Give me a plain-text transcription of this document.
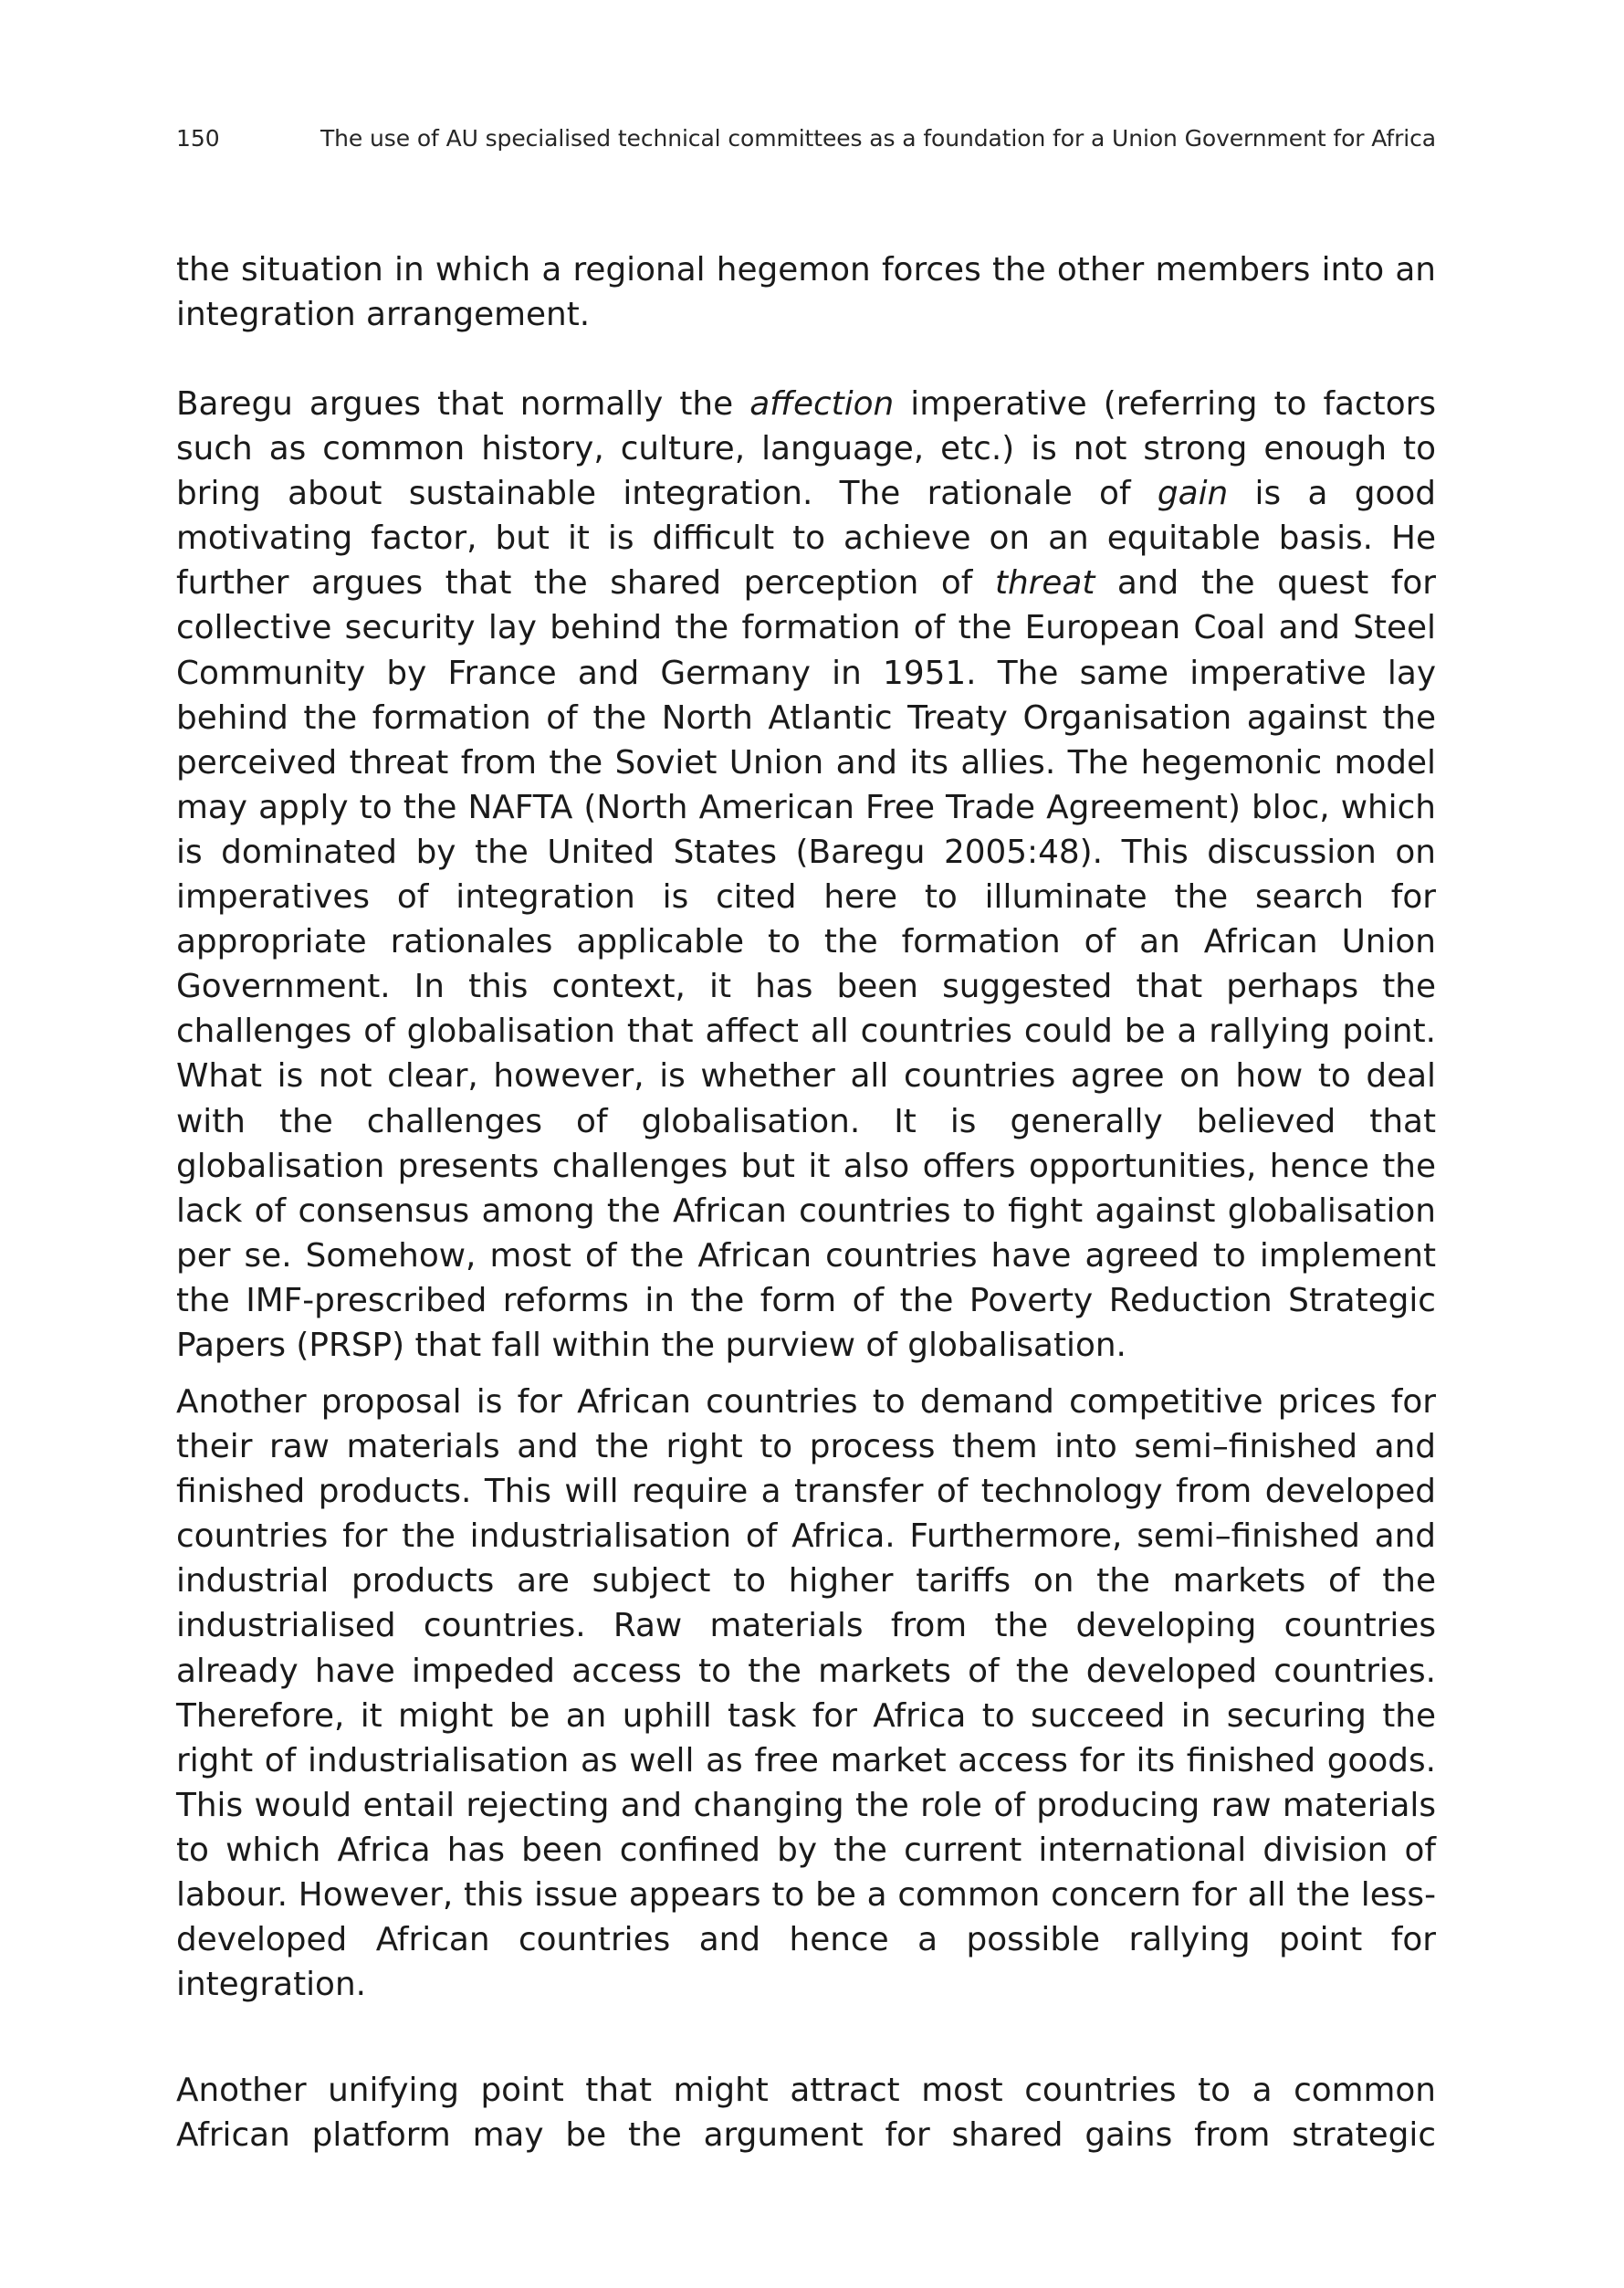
150	The use of AU specialised technical committees as a foundation for a Union Government for Africa

the situation in which a regional hegemon forces the other members into an integration arrangement.

Baregu argues that normally the affection imperative (referring to factors such as common history, culture, language, etc.) is not strong enough to bring about sustainable integration. The rationale of gain is a good motivating factor, but it is difficult to achieve on an equitable basis. He further argues that the shared perception of threat and the quest for collective security lay behind the formation of the European Coal and Steel Community by France and Germany in 1951. The same imperative lay behind the formation of the North Atlantic Treaty Organisation against the perceived threat from the Soviet Union and its allies. The hegemonic model may apply to the NAFTA (North American Free Trade Agreement) bloc, which is dominated by the United States (Baregu 2005:48). This discussion on imperatives of integration is cited here to illuminate the search for appropriate rationales applicable to the formation of an African Union Government. In this context, it has been suggested that perhaps the challenges of globalisation that affect all countries could be a rallying point. What is not clear, however, is whether all countries agree on how to deal with the challenges of globalisation. It is generally believed that globalisation presents challenges but it also offers opportunities, hence the lack of consensus among the African countries to fight against globalisation per se. Somehow, most of the African countries have agreed to implement the IMF-prescribed reforms in the form of the Poverty Reduction Strategic Papers (PRSP) that fall within the purview of globalisation.

Another proposal is for African countries to demand competitive prices for their raw materials and the right to process them into semi–finished and finished products. This will require a transfer of technology from developed countries for the industrialisation of Africa. Furthermore, semi–finished and industrial products are subject to higher tariffs on the markets of the industrialised countries. Raw materials from the developing countries already have impeded access to the markets of the developed countries. Therefore, it might be an uphill task for Africa to succeed in securing the right of industrialisation as well as free market access for its finished goods. This would entail rejecting and changing the role of producing raw materials to which Africa has been confined by the current international division of labour. However, this issue appears to be a common concern for all the less-developed African countries and hence a possible rallying point for integration.

Another unifying point that might attract most countries to a common African platform may be the argument for shared gains from strategic
